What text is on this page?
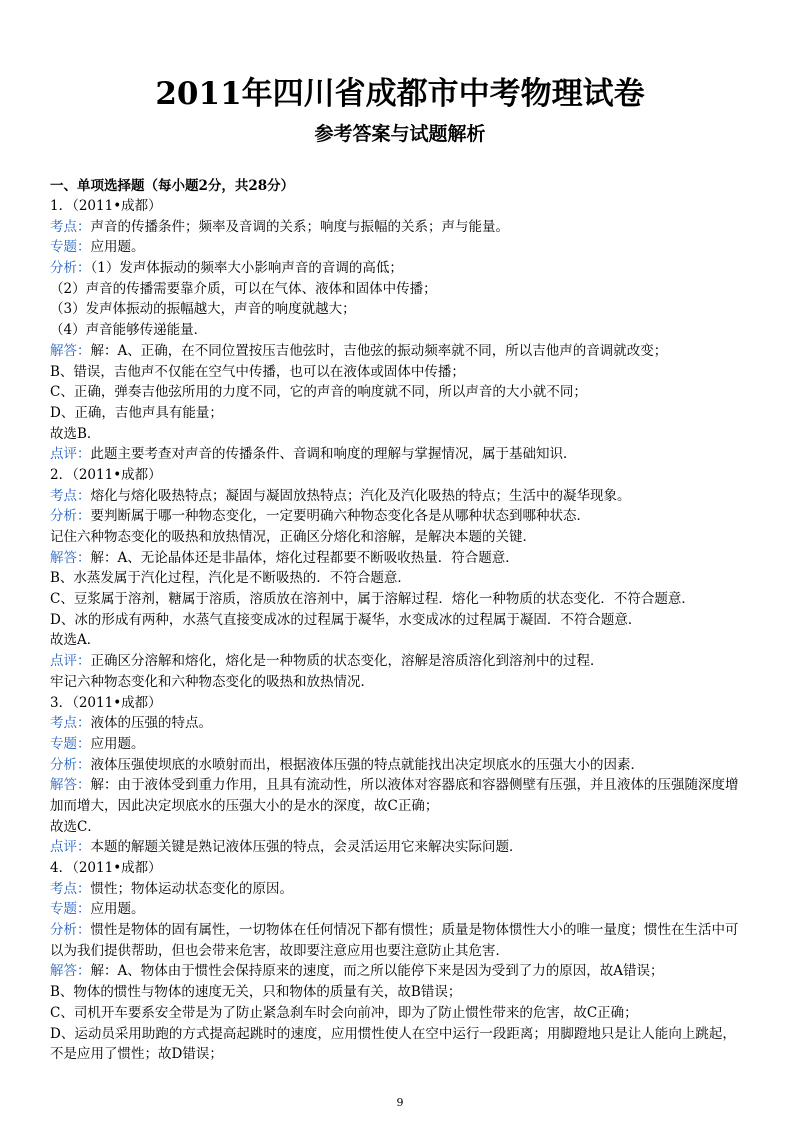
2011年四川省成都市中考物理试卷
参考答案与试题解析
一、单项选择题（每小题2分，共28分）
1．（2011•成都）
考点：声音的传播条件；频率及音调的关系；响度与振幅的关系；声与能量。
专题：应用题。
分析：（1）发声体振动的频率大小影响声音的音调的高低；
（2）声音的传播需要靠介质，可以在气体、液体和固体中传播；
（3）发声体振动的振幅越大，声音的响度就越大；
（4）声音能够传递能量．
解答：解：A、正确，在不同位置按压吉他弦时，吉他弦的振动频率就不同，所以吉他声的音调就改变；
B、错误，吉他声不仅能在空气中传播，也可以在液体或固体中传播；
C、正确，弹奏吉他弦所用的力度不同，它的声音的响度就不同，所以声音的大小就不同；
D、正确，吉他声具有能量；
故选B．
点评：此题主要考查对声音的传播条件、音调和响度的理解与掌握情况，属于基础知识．
2．（2011•成都）
考点：熔化与熔化吸热特点；凝固与凝固放热特点；汽化及汽化吸热的特点；生活中的凝华现象。
分析：要判断属于哪一种物态变化，一定要明确六种物态变化各是从哪种状态到哪种状态．
记住六种物态变化的吸热和放热情况，正确区分熔化和溶解，是解决本题的关键．
解答：解：A、无论晶体还是非晶体，熔化过程都要不断吸收热量．符合题意．
B、水蒸发属于汽化过程，汽化是不断吸热的．不符合题意．
C、豆浆属于溶剂，糖属于溶质，溶质放在溶剂中，属于溶解过程．熔化一种物质的状态变化．不符合题意．
D、冰的形成有两种，水蒸气直接变成冰的过程属于凝华，水变成冰的过程属于凝固．不符合题意．
故选A．
点评：正确区分溶解和熔化，熔化是一种物质的状态变化，溶解是溶质溶化到溶剂中的过程．
牢记六种物态变化和六种物态变化的吸热和放热情况．
3．（2011•成都）
考点：液体的压强的特点。
专题：应用题。
分析：液体压强使坝底的水喷射而出，根据液体压强的特点就能找出决定坝底水的压强大小的因素．
解答：解：由于液体受到重力作用，且具有流动性，所以液体对容器底和容器侧壁有压强，并且液体的压强随深度增
加而增大，因此决定坝底水的压强大小的是水的深度，故C正确；
故选C．
点评：本题的解题关键是熟记液体压强的特点，会灵活运用它来解决实际问题．
4．（2011•成都）
考点：惯性；物体运动状态变化的原因。
专题：应用题。
分析：惯性是物体的固有属性，一切物体在任何情况下都有惯性；质量是物体惯性大小的唯一量度；惯性在生活中可
以为我们提供帮助，但也会带来危害，故即要注意应用也要注意防止其危害．
解答：解：A、物体由于惯性会保持原来的速度，而之所以能停下来是因为受到了力的原因，故A错误；
B、物体的惯性与物体的速度无关，只和物体的质量有关，故B错误；
C、司机开车要系安全带是为了防止紧急刹车时会向前冲，即为了防止惯性带来的危害，故C正确；
D、运动员采用助跑的方式提高起跳时的速度，应用惯性使人在空中运行一段距离；用脚蹬地只是让人能向上跳起，
不是应用了惯性；故D错误；
9
